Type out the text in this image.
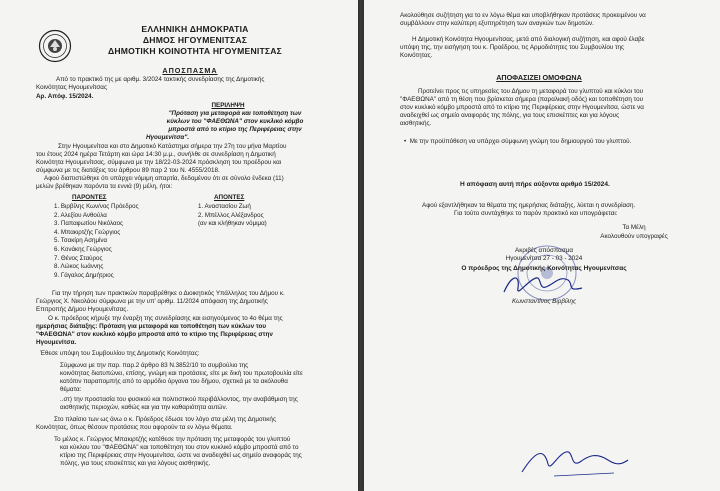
ΕΛΛΗΝΙΚΗ ΔΗΜΟΚΡΑΤΙΑ
ΔΗΜΟΣ ΗΓΟΥΜΕΝΙΤΣΑΣ
ΔΗΜΟΤΙΚΗ ΚΟΙΝΟΤΗΤΑ ΗΓΟΥΜΕΝΙΤΣΑΣ
ΑΠΟΣΠΑΣΜΑ
Από το πρακτικό της με αριθμ. 3/2024 τακτικής συνεδρίασης της Δημοτικής
Κοινότητας Ηγουμενίτσας
Αρ. Απόφ. 15/2024.
ΠΕΡΙΛΗΨΗ
"Πρόταση για μεταφορά και τοποθέτηση των
κύκλων του "ΦΑΕΘΩΝΑ" στον κυκλικό κόμβο
μπροστά από το κτίριο της Περιφέρειας στην
Ηγουμενίτσα".
Στην Ηγουμενίτσα και στο Δημοτικό Κατάστημα σήμερα την 27η του μήνα Μαρτίου
του έτους 2024 ημέρα Τετάρτη και ώρα 14:30 μ.μ., συνήλθε σε συνεδρίαση η Δημοτική
Κοινότητα Ηγουμενίτσας, σύμφωνα με την 18/22-03-2024 πρόσκληση του προέδρου και
σύμφωνα με τις διατάξεις του άρθρου 89 παρ 2 του Ν. 4555/2018.
Αφού διαπιστώθηκε ότι υπάρχει νόμιμη απαρτία, δεδομένου ότι σε σύνολο ένδεκα (11)
μελών βρέθηκαν παρόντα τα εννιά (9) μέλη, ήτοι:
ΠΑΡΟΝΤΕΣ
1. Βιρβίλης Κων/νος Πρόεδρος
2. Αλεξίου Ανθούλα
3. Παπαφωτίου Νικόλαος
4. Μπακιρτζής Γεώργιος
5. Τσακίρη Ασημίνα
6. Κονάκης Γεώργιος
7. Θένος Σταύρος
8. Λώκος Ιωάννης
9. Γάγαλος Δημήτριος
ΑΠΟΝΤΕΣ
1. Αναστασίου Ζωή
2. Μπέλλος Αλέξανδρος
(αν και κλήθηκαν νόμιμα)
Για την τήρηση των πρακτικών παραβρέθηκε ο Διοικητικός Υπάλληλος του Δήμου κ.
Γεώργιος Χ. Νικολάου σύμφωνα με την υπ' αριθμ. 11/2024 απόφαση της Δημοτικής
Επιτροπής Δήμου Ηγουμενίτσας.
Ο κ. πρόεδρος κήρυξε την έναρξη της συνεδρίασης και εισηγούμενος το 4ο θέμα της
ημερήσιας διάταξης: Πρόταση για μεταφορά και τοποθέτηση των κύκλων του
"ΦΑΕΘΩΝΑ" στον κυκλικό κόμβο μπροστά από το κτίριο της Περιφέρειας στην
Ηγουμενίτσα.
Έθεσε υπόψη του Συμβουλίου της Δημοτικής Κοινότητας:
Σύμφωνα με την παρ. παρ.2 άρθρο 83 Ν.3852/10 το συμβούλιο της
κοινότητας διατυπώνει, επίσης, γνώμη και προτάσεις, είτε με δική του πρωτοβουλία είτε
κατόπιν παραπομπής από το αρμόδιο όργανα του δήμου, σχετικά με τα ακόλουθα
θέματα:
..στ) την προστασία του φυσικού και πολιτιστικού περιβάλλοντος, την αναβάθμιση της
αισθητικής περιοχών, καθώς και για την καθαριότητα αυτών.
Στο πλαίσιο των ως άνω ο κ. Πρόεδρος έδωσε τον λόγο στα μέλη της Δημοτικής
Κοινότητας, όπως θέσουν προτάσεις που αφορούν τα εν λόγω θέματα.
Το μέλος κ. Γεώργιος Μπακιρτζής κατέθεσε την πρόταση της μεταφοράς του γλυπτού
και κύκλου του "ΦΑΕΘΩΝΑ" και τοποθέτηση του στον κυκλικό κόμβο μπροστά από το
κτίριο της Περιφέρειας στην Ηγουμενίτσα, ώστε να αναδειχθεί ως σημείο αναφοράς της
πόλης, για τους επισκέπτες και για λόγους αισθητικής.
Ακολούθησε συζήτηση για το εν λόγω θέμα και υποβλήθηκαν προτάσεις προκειμένου να
συμβάλλουν στην καλύτερη εξυπηρέτηση των αναγκών των δημοτών.
Η Δημοτική Κοινότητα Ηγουμενίτσας, μετά από διαλογική συζήτηση, και αφού έλαβε
υπόψη της, την εισήγηση του κ. Προέδρου, τις Αρμοδιότητες του Συμβουλίου της
Κοινότητας.
ΑΠΟΦΑΣΙΖΕΙ ΟΜΟΦΩΝΑ
Προτείνει προς τις υπηρεσίες του Δήμου τη μεταφορά του γλυπτού και κύκλοι του
"ΦΑΕΘΩΝΑ" από τη θέση που βρίσκεται σήμερα (παραλιακή οδός) και τοποθέτηση του
στον κυκλικό κόμβο μπροστά από το κτίριο της Περιφέρειας στην Ηγουμενίτσα, ώστε να
αναδειχθεί ως σημείο αναφοράς της πόλης, για τους επισκέπτες και για λόγους
αισθητικής.
•  Με την προϋπόθεση να υπάρχει σύμφωνη γνώμη του δημιουργού του γλυπτού.
Η απόφαση αυτή πήρε αύξοντα αριθμό 15/2024.
Αφού εξαντλήθηκαν τα θέματα της ημερήσιας διάταξης, λύεται η συνεδρίαση.
Για τούτο συντάχθηκε το παρόν πρακτικό και υπογράφεται:
Τα Μέλη
Ακολουθούν υπογραφές
Ακριβές απόσπασμα
Ηγουμενίτσα 27 - 03 - 2024
Ο πρόεδρος της Δημοτικής Κοινότητας Ηγουμενίτσας
Κωνσταντίνος Βιρβίλης
